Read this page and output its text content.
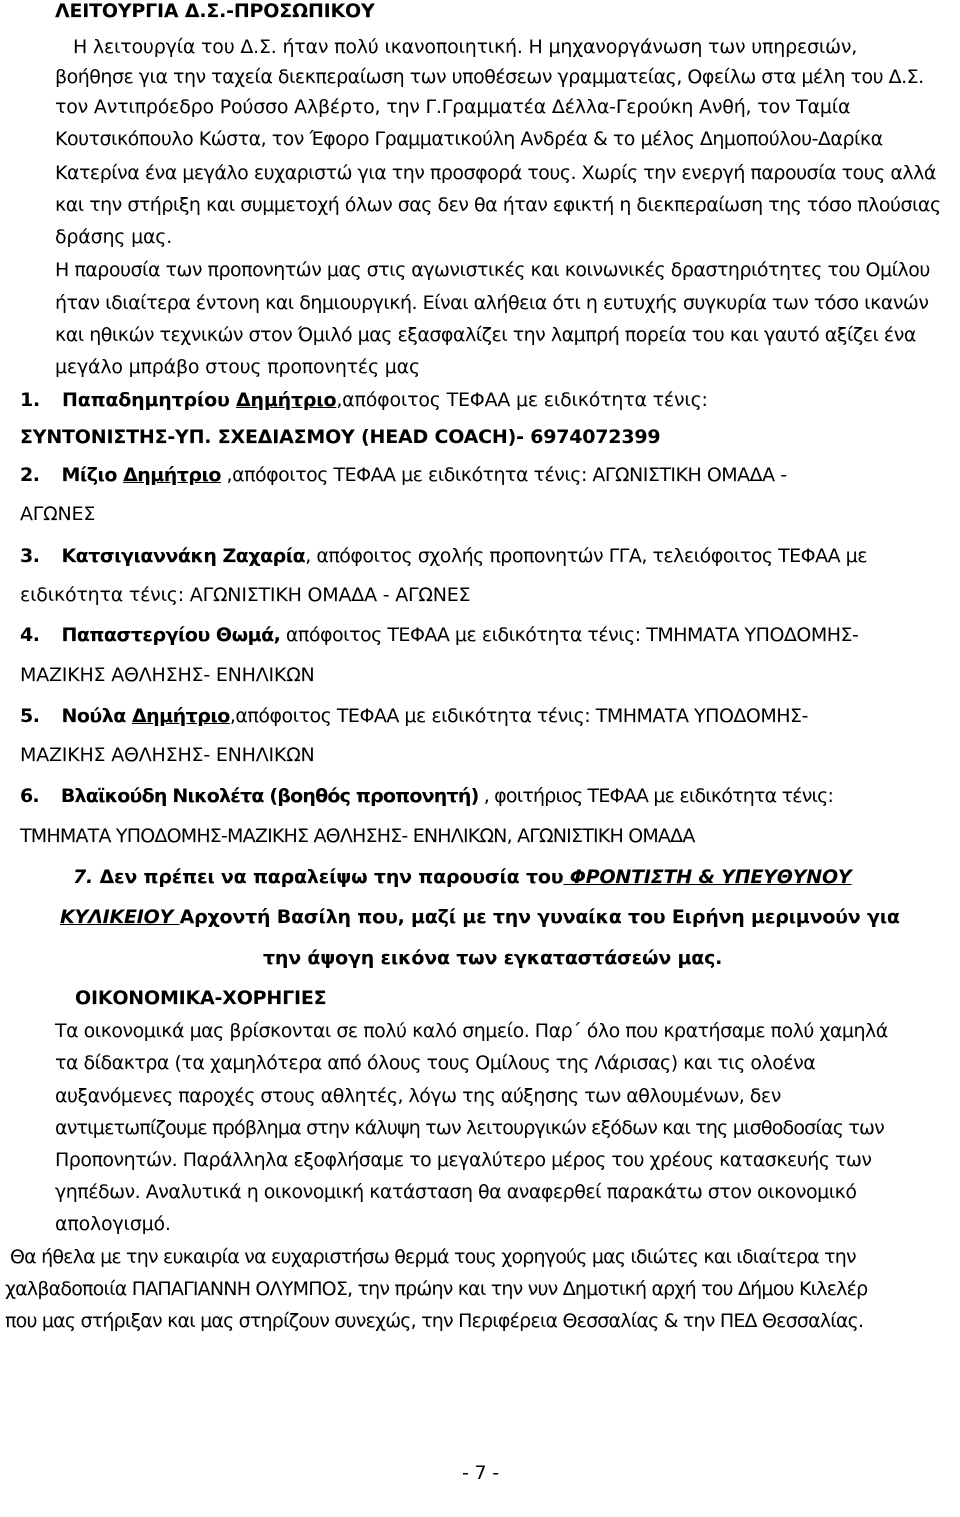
ΛΕΙΤΟΥΡΓΙΑ Δ.Σ.-ΠΡΟΣΩΠΙΚΟΥ
Η λειτουργία του Δ.Σ. ήταν πολύ ικανοποιητική. Η μηχανοργάνωση των υπηρεσιών,
βοήθησε για την ταχεία διεκπεραίωση των υποθέσεων γραμματείας, Οφείλω στα μέλη του Δ.Σ.
τον Αντιπρόεδρο Ρούσσο Αλβέρτο, την Γ.Γραμματέα Δέλλα-Γερούκη Ανθή, τον Ταμία
Κουτσικόπουλο Κώστα, τον Έφορο Γραμματικούλη Ανδρέα & το μέλος Δημοπούλου-Δαρίκα
Κατερίνα ένα μεγάλο ευχαριστώ για την προσφορά τους. Χωρίς την ενεργή παρουσία τους αλλά
και την στήριξη και συμμετοχή όλων σας δεν θα ήταν εφικτή η διεκπεραίωση της τόσο πλούσιας
δράσης μας.
Η παρουσία των προπονητών μας στις αγωνιστικές και κοινωνικές δραστηριότητες του Ομίλου
ήταν ιδιαίτερα έντονη και δημιουργική. Είναι αλήθεια ότι η ευτυχής συγκυρία των τόσο ικανών
και ηθικών τεχνικών στον Όμιλό μας εξασφαλίζει την λαμπρή πορεία του και γαυτό αξίζει ένα
μεγάλο μπράβο στους προπονητές μας
1. Παπαδημητρίου Δημήτριο,απόφοιτος ΤΕΦΑΑ με ειδικότητα τένις:
ΣΥΝΤΟΝΙΣΤΗΣ-ΥΠ. ΣΧΕΔΙΑΣΜΟΥ (HEAD COACH)- 6974072399
2. Μίζιο Δημήτριο ,απόφοιτος ΤΕΦΑΑ με ειδικότητα τένις: ΑΓΩΝΙΣΤΙΚΗ ΟΜΑΔΑ -
ΑΓΩΝΕΣ
3. Κατσιγιαννάκη Ζαχαρία, απόφοιτος σχολής προπονητών ΓΓΑ, τελειόφοιτος ΤΕΦΑΑ με
ειδικότητα τένις: ΑΓΩΝΙΣΤΙΚΗ ΟΜΑΔΑ - ΑΓΩΝΕΣ
4. Παπαστεργίου Θωμά, απόφοιτος ΤΕΦΑΑ με ειδικότητα τένις: ΤΜΗΜΑΤΑ ΥΠΟΔΟΜΗΣ-
ΜΑΖΙΚΗΣ ΑΘΛΗΣΗΣ- ΕΝΗΛΙΚΩΝ
5. Νούλα Δημήτριο,απόφοιτος ΤΕΦΑΑ με ειδικότητα τένις: ΤΜΗΜΑΤΑ ΥΠΟΔΟΜΗΣ-
ΜΑΖΙΚΗΣ ΑΘΛΗΣΗΣ- ΕΝΗΛΙΚΩΝ
6. Βλαϊκούδη Νικολέτα (βοηθός προπονητή) , φοιτήριος ΤΕΦΑΑ με ειδικότητα τένις:
ΤΜΗΜΑΤΑ ΥΠΟΔΟΜΗΣ-ΜΑΖΙΚΗΣ ΑΘΛΗΣΗΣ- ΕΝΗΛΙΚΩΝ, ΑΓΩΝΙΣΤΙΚΗ ΟΜΑΔΑ
7. Δεν πρέπει να παραλείψω την παρουσία του ΦΡΟΝΤΙΣΤΗ & ΥΠΕΥΘΥΝΟΥ
ΚΥΛΙΚΕΙΟΥ Αρχοντή Βασίλη που, μαζί με την γυναίκα του Ειρήνη μεριμνούν για
την άψογη εικόνα των εγκαταστάσεών μας.
ΟΙΚΟΝΟΜΙΚΑ-ΧΟΡΗΓΙΕΣ
Τα οικονομικά μας βρίσκονται σε πολύ καλό σημείο. Παρ΄ όλο που κρατήσαμε πολύ χαμηλά
τα δίδακτρα (τα χαμηλότερα από όλους τους Ομίλους της Λάρισας) και τις ολοένα
αυξανόμενες παροχές στους αθλητές, λόγω της αύξησης των αθλουμένων, δεν
αντιμετωπίζουμε πρόβλημα στην κάλυψη των λειτουργικών εξόδων και της μισθοδοσίας των
Προπονητών. Παράλληλα εξοφλήσαμε το μεγαλύτερο μέρος του χρέους κατασκευής των
γηπέδων. Αναλυτικά η οικονομική κατάσταση θα αναφερθεί παρακάτω στον οικονομικό
απολογισμό.
Θα ήθελα με την ευκαιρία να ευχαριστήσω θερμά τους χορηγούς μας ιδιώτες και ιδιαίτερα την
χαλβαδοποιία ΠΑΠΑΓΙΑΝΝΗ ΟΛΥΜΠΟΣ, την πρώην και την νυν Δημοτική αρχή του Δήμου Κιλελέρ
που μας στήριξαν και μας στηρίζουν συνεχώς, την Περιφέρεια Θεσσαλίας & την ΠΕΔ Θεσσαλίας.
- 7 -
